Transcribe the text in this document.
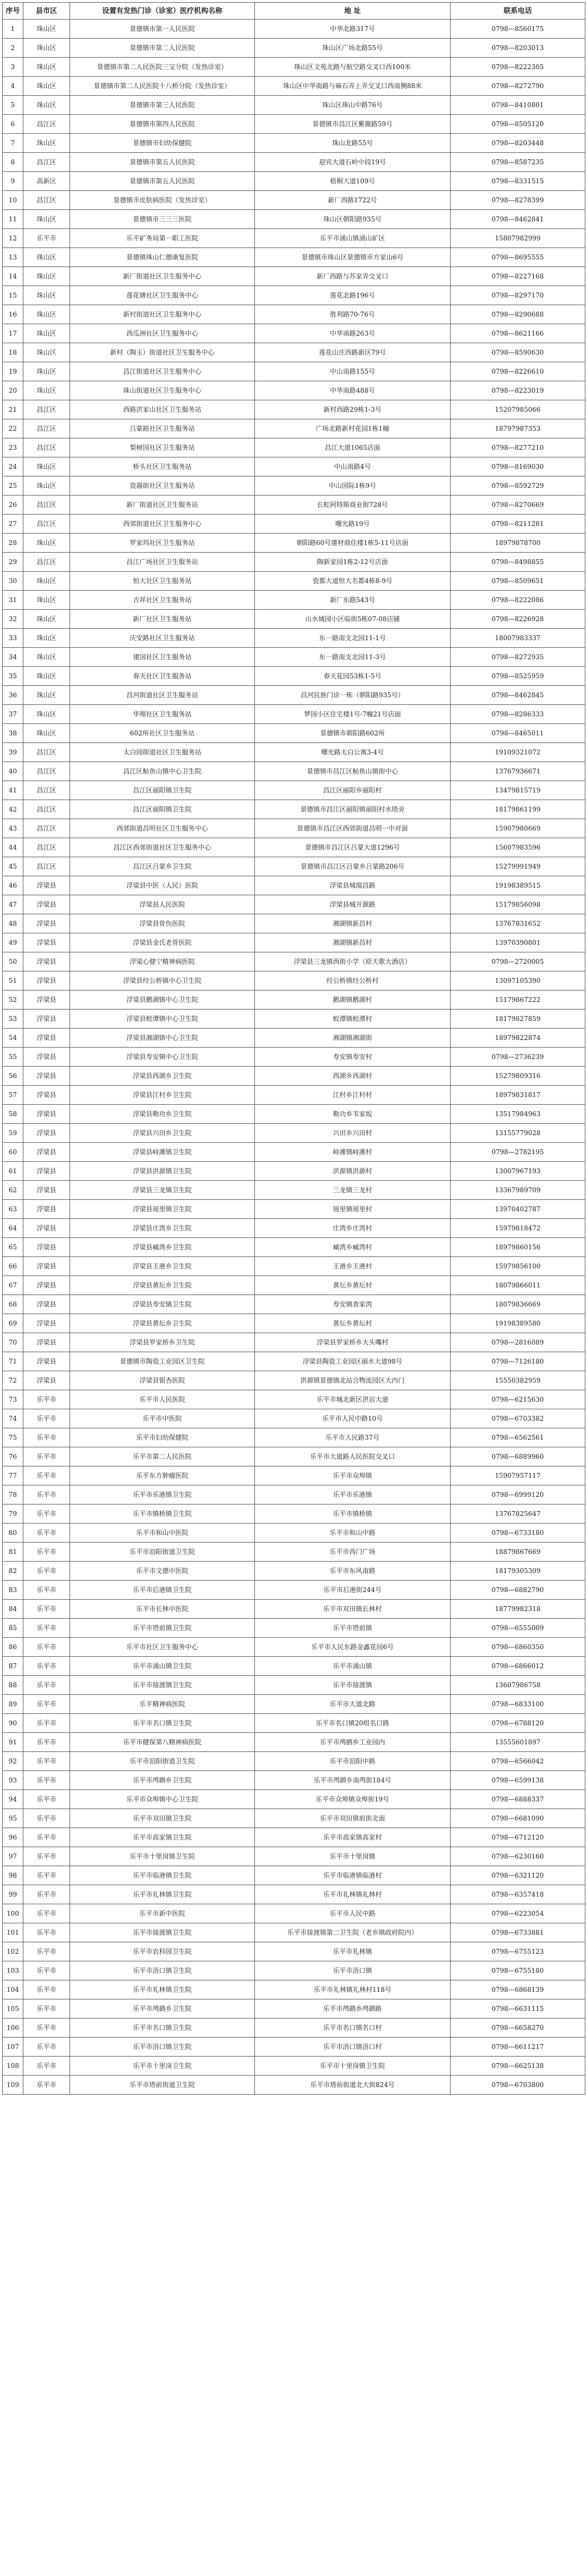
序号	县市区	设置有发热门诊（诊室）医疗机构名称	地 址	联系电话
1	珠山区	景德镇市第一人民医院	中华北路317号	0798—8560175
2	珠山区	景德镇市第二人民医院	珠山区广场北路55号	0798—8203013
3	珠山区	景德镇市第二人民医院三宝分院（发热诊室）	珠山区文苑北路与航空路交叉口西100米	0798—8222305
4	珠山区	景德镇市第二人民医院十八桥分院（发热诊室）	珠山区中华南路与麻石弄上弄交叉口西南侧88米	0798—8272790
5	珠山区	景德镇市第三人民医院	珠山区珠山中路76号	0798—8410801
6	昌江区	景德镇市第四人民医院	景德镇市昌江区紫薇路59号	0798—8505120
7	珠山区	景德镇市妇幼保健院	珠山北路55号	0798—8203448
8	昌江区	景德镇市第五人民医院	迎宾大道石岭中段19号	0798—8587235
9	高新区	景德镇市第五人民医院	梧桐大道109号	0798—8331515
10	昌江区	景德镇市皮肤病医院（发热诊室）	新厂西路1722号	0798—8278399
11	珠山区	景德镇市三三三医院	珠山区朝阳路935号	0798—8462841
12	乐平市	乐平矿务局第一职工医院	乐平市涌山镇涌山矿区	15807982999
13	珠山区	景德镇珠山仁德康复医院	景德镇市珠山区景德镇市方家山6号	0798—8695555
14	珠山区	新厂街道社区卫生服务中心	新厂西路与苏家弄交叉口	0798—8227168
15	珠山区	莲花塘社区卫生服务中心	莲花北路196号	0798—8297170
16	珠山区	新村街道社区卫生服务中心	胜利路70-76号	0798—8290688
17	珠山区	西瓜洲社区卫生服务中心	中华南路263号	0798—8621166
18	珠山区	新村（陶玉）街道社区卫生服务中心	莲花山庄西路新区79号	0798—8590630
19	珠山区	昌江街道社区卫生服务中心	中山南路155号	0798—8226610
20	珠山区	珠山街道社区卫生服务中心	中华南路488号	0798—8223019
21	昌江区	西路洪家山社区卫生服务站	新村西路29栋1-3号	15207985066
22	昌江区	吕蒙路社区卫生服务站	广场北路新村花园1栋1幢	18797987353
23	昌江区	梨树园社区卫生服务站	昌江大道1065店面	0798—8277210
24	珠山区	桥头社区卫生服务站	中山南路4号	0798—8169030
25	珠山区	瓷器街社区卫生服务站	中山国际1栋9号	0798—8592729
26	昌江区	新厂街道社区卫生服务站	长虹阿特斯商业街728号	0798—8270669
27	昌江区	西郊街道社区卫生服务中心	曙光路19号	0798—8211281
28	珠山区	罗家坞社区卫生服务站	朝阳路60号建材商住楼1栋5-11号店面	18979878700
29	昌江区	昌江广场社区卫生服务站	陶新家园1栋2-12号店面	0798—8498855
30	珠山区	恒大社区卫生服务站	瓷都大道恒大名都4栋8-9号	0798—8509651
31	珠山区	吉祥社区卫生服务站	新厂东路543号	0798—8222086
32	珠山区	新厂社区卫生服务站	山水城园小区临街5栋07-08店铺	0798—8226928
33	珠山区	庆安路社区卫生服务站	东一路南支北园11-1号	18007983337
34	珠山区	建国社区卫生服务站	东一路南支北园11-3号	0798—8272935
35	珠山区	春天社区卫生服务站	春天花园53栋1-5号	0798—8525959
36	珠山区	昌河街道社区卫生服务站	昌河民族门诊一栋（朝阳路935号）	0798—8462845
37	珠山区	华翔社区卫生服务站	梦园小区住宅楼1号-7幢21号店面	0798—8286333
38	珠山区	602所社区卫生服务站	景德镇市朝阳路602所	0798—8465011
39	昌江区	太白园街道社区卫生服务站	曙光路太白公寓3-4号	19109321072
40	昌江区	昌江区鲇鱼山镇中心卫生院	景德镇市昌江区鲇鱼山镇街中心	13767936671
41	昌江区	昌江区丽阳镇卫生院	昌江区丽阳乡丽阳村	13479815719
42	昌江区	昌江区丽阳镇卫生院	景德镇市昌江区丽阳镇丽阳村水塔旁	18179861199
43	昌江区	西郊街道昌明社区卫生服务中心	景德镇市昌江区西郊街道昌明一中对面	15907980669
44	昌江区	昌江区西郊街道社区卫生服务中心	景德镇市昌江区吕蒙大道1296号	15607983596
45	昌江区	昌江区吕蒙乡卫生院	景德镇市昌江区吕蒙乡吕蒙路206号	15279991949
46	浮梁县	浮梁县中医（人民）医院	浮梁县城瑞昌路	19198389515
47	浮梁县	浮梁县人民医院	浮梁县城开源路	15179856098
48	浮梁县	浮梁县骨伤医院	湘湖镇新昌村	13767831652
49	浮梁县	浮梁县金氏老骨医院	湘湖镇新昌村	13970390801
50	浮梁县	浮梁心健宁精神病医院	浮梁县三龙镇西街小学（原天歌大酒店）	0798—2720005
51	浮梁县	浮梁县经公桥镇中心卫生院	经公桥镇经公桥村	13097105390
52	浮梁县	浮梁县鹅湖镇中心卫生院	鹅湖镇鹅湖村	15179867222
53	浮梁县	浮梁县蛟潭镇中心卫生院	蛟潭镇蛟潭村	18179827859
54	浮梁县	浮梁县湘湖镇中心卫生院	湘湖镇湘湖街	18979822874
55	浮梁县	浮梁县寿安镇中心卫生院	寿安镇寿安村	0798—2736239
56	浮梁县	浮梁县西湖乡卫生院	西湖乡西湖村	15279809316
57	浮梁县	浮梁县江村乡卫生院	江村乡江村村	18979831817
58	浮梁县	浮梁县勒功乡卫生院	勒功乡韦家坂	13517984963
59	浮梁县	浮梁县兴田乡卫生院	兴田乡兴田村	13155779028
60	浮梁县	浮梁县峙滩镇卫生院	峙滩镇峙滩村	0798—2782195
61	浮梁县	浮梁县洪源镇卫生院	洪源镇洪源村	13007967193
62	浮梁县	浮梁县三龙镇卫生院	三龙镇三龙村	13367989709
63	浮梁县	浮梁县瑶里镇卫生院	瑶里镇瑶里村	13970402787
64	浮梁县	浮梁县庄湾乡卫生院	庄湾乡庄湾村	15979818472
65	浮梁县	浮梁县臧湾乡卫生院	臧湾乡臧湾村	18979860156
66	浮梁县	浮梁县王港乡卫生院	王港乡王港村	15979856100
67	浮梁县	浮梁县黄坛乡卫生院	黄坛乡黄坛村	18079866011
68	浮梁县	浮梁县寿安镇卫生院	寿安镇查家湾	18079836669
69	浮梁县	浮梁县黄坛乡卫生院	黄坛乡黄坛村	19198389580
70	浮梁县	浮梁县罗家桥乡卫生院	浮梁县罗家桥乡大头嘴村	0798—2816089
71	浮梁县	景德镇市陶瓷工业园区卫生院	浮梁县陶瓷工业园区丽水大道98号	0798—7126180
72	浮梁县	浮梁县银杏医院	洪源镇景德镇北站合物流园区大内门	15550382959
73	乐平市	乐平市人民医院	乐平市城北新区洪岩大道	0798—6215630
74	乐平市	乐平市中医院	乐平市人民中路10号	0798—6703382
75	乐平市	乐平市妇幼保健院	乐平市人民路37号	0798—6562561
76	乐平市	乐平市第二人民医院	乐平市大道路人民医院交叉口	0798—6889960
77	乐平市	乐平东方肿瘤医院	乐平市众埠镇	15907957117
78	乐平市	乐平市乐港镇卫生院	乐平市乐港镇	0798—6999120
79	乐平市	乐平市镇桥镇卫生院	乐平市镇桥镇	13767825647
80	乐平市	乐平市和山中医院	乐平市和山中路	0798—6733180
81	乐平市	乐平市洎阳街道卫生院	乐平市西门广场	18879867669
82	乐平市	乐平市文德中医院	乐平市东风南路	18179305309
83	乐平市	乐平市后港镇卫生院	乐平市后港街244号	0798—6882790
84	乐平市	乐平市长林中医院	乐平市双田镇长林村	18779982318
85	乐平市	乐平市塔前镇卫生院	乐平市塔前镇	0798—6555009
86	乐平市	乐平市社区卫生服务中心	乐平市人民东路金鑫花园6号	0798—6860350
87	乐平市	乐平市涌山镇卫生院	乐平市涌山镇	0798—6866012
88	乐平市	乐平市接渡镇卫生院	乐平市接渡镇	13607986758
89	乐平市	乐平精神病医院	乐平市大道北路	0798—6833100
90	乐平市	乐平市名口镇卫生院	乐平市名口镇20组名口路	0798—6788120
91	乐平市	乐平市健保第八精神病医院	乐平市鸬鹚乡工业园内	13555601897
92	乐平市	乐平市洎阳街道卫生院	乐平市洎阳中路	0798—6566042
93	乐平市	乐平市鸬鹚乡卫生院	乐平市鸬鹚乡南鸬街184号	0798—6599138
94	乐平市	乐平市众埠镇中心卫生院	乐平市众埠镇众埠街19号	0798—6888337
95	乐平市	乐平市双田镇卫生院	乐平市双田镇前街北面	0798—6681090
96	乐平市	乐平市高家镇卫生院	乐平市高家镇高家村	0798—6712120
97	乐平市	乐平市十里岗镇卫生院	乐平市十里岗镇	0798—6230160
98	乐平市	乐平市临港镇卫生院	乐平市临港镇临港村	0798—6321120
99	乐平市	乐平市礼林镇卫生院	乐平市礼林镇礼林村	0798—6357418
100	乐平市	乐平市新中医院	乐平市人民中路	0798—6223054
101	乐平市	乐平市接渡镇卫生院	乐平市接渡镇第二卫生院（老乡镇政府院内）	0798—6733881
102	乐平市	乐平市农科园卫生院	乐平市礼林镇	0798—6755123
103	乐平市	乐平市浯口镇卫生院	乐平市浯口镇	0798—6755180
104	乐平市	乐平市礼林镇卫生院	乐平市礼林镇礼林村118号	0798—6868139
105	乐平市	乐平市鸬鹚乡卫生院	乐平市鸬鹚乡鸬鹚路	0798—6631115
106	乐平市	乐平市名口镇卫生院	乐平市名口镇名口村	0798—6658270
107	乐平市	乐平市浯口镇卫生院	乐平市浯口镇浯口村	0798—6611217
108	乐平市	乐平市十里岗卫生院	乐平市十里岗镇卫生院	0798—6625138
109	乐平市	乐平市塔前街道卫生院	乐平市塔前街道北大街824号	0798—6703800
